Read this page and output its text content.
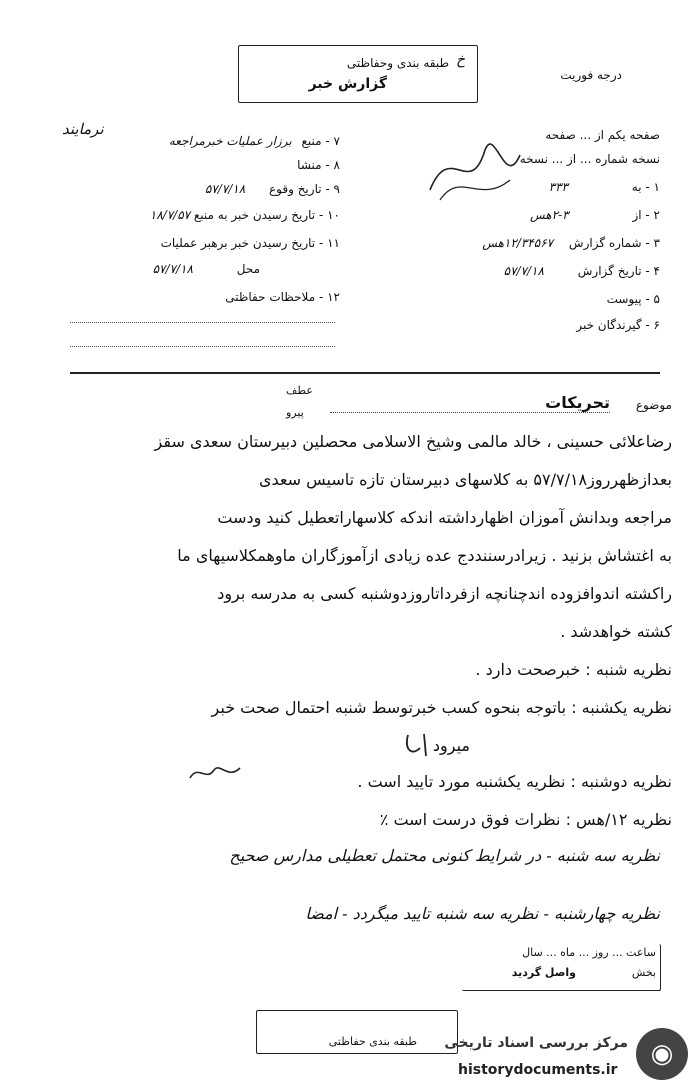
طبقه بندی وحفاظتی خ
گزارش خبر
درجه فوریت
نرمایند
۷ - منبع برزار عملیات خبرمراجعه
۸ - منشا
۹ - تاریخ وقوع ۵۷/۷/۱۸
۱۰ - تاریخ رسیدن خبر به منبع ۱۸/۷/۵۷
۱۱ - تاریخ رسیدن خبر برهبر عملیات
محل ۵۷/۷/۱۸
۱۲ - ملاحظات حفاظتی
صفحه یکم از ... صفحه
نسخه شماره ... از ... نسخه
۱ - به ۳۳۳
۲ - از ۳-۲هس
۳ - شماره گزارش ۱۲/۳۴۵۶۷هس
۴ - تاریخ گزارش ۵۷/۷/۱۸
۵ - پیوست
۶ - گیرندگان خبر
موضوع
تحریکات
عطف
پیرو
رضاعلائی حسینی ، خالد مالمی وشیخ الاسلامی محصلین دبیرستان سعدی سقز
بعدازظهرروز۵۷/۷/۱۸ به کلاسهای دبیرستان تازه تاسیس سعدی
مراجعه وبدانش آموزان اظهارداشته اندکه کلاسهاراتعطیل کنید ودست
به اغتشاش بزنید . زیرادرسننددج عده زیادی ازآموزگاران ماوهمکلاسیهای ما
راکشته اندوافزوده اندچنانچه ازفرداتاروزدوشنبه کسی به مدرسه برود
کشته خواهدشد .
نظریه شنبه : خبرصحت دارد .
نظریه یکشنبه : باتوجه بنحوه کسب خبرتوسط شنبه احتمال صحت خبر
میرود .
نظریه دوشنبه : نظریه یکشنبه مورد تایید است .
نظریه ۱۲/هس : نظرات فوق درست است ٪
نظریه سه شنبه - در شرایط کنونی محتمل تعطیلی مدارس صحیح
نظریه چهارشنبه - نظریه سه شنبه تایید میگردد - امضا
ساعت ... روز ... ماه ... سال
بخش
واصل گردید
طبقه بندی حفاظتی مرکز بررسی اسناد تاریخی
historydocuments.ir
◉
